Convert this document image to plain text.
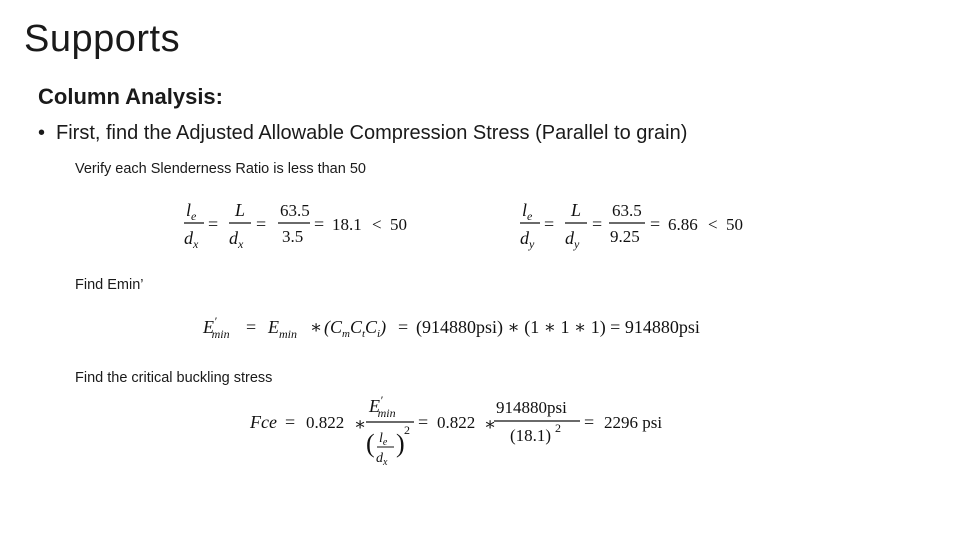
Supports
Column Analysis:
• First, find the Adjusted Allowable Compression Stress (Parallel to grain)
Verify each Slenderness Ratio is less than 50
Find Emin’
Find the critical buckling stress
$l_e$
$d_x$
=
L
$d_x$
=
63.5
3.5
= 18.1 < 50
$l_e$
$d_y$
=
L
$d_y$
=
63.5
9.25
= 6.86 < 50
E′ $\min = E_{min}$ ∗ $(C_mC_tC_i) = (914880psi)$ ∗ (1 ∗ 1 ∗ 1) = 914880psi
Fce = 0.822 ∗
E′ min
( $l_e$
$d_x$
) 2 = 0.822 ∗
914880psi
(18.1) 2 = 2296 psi
